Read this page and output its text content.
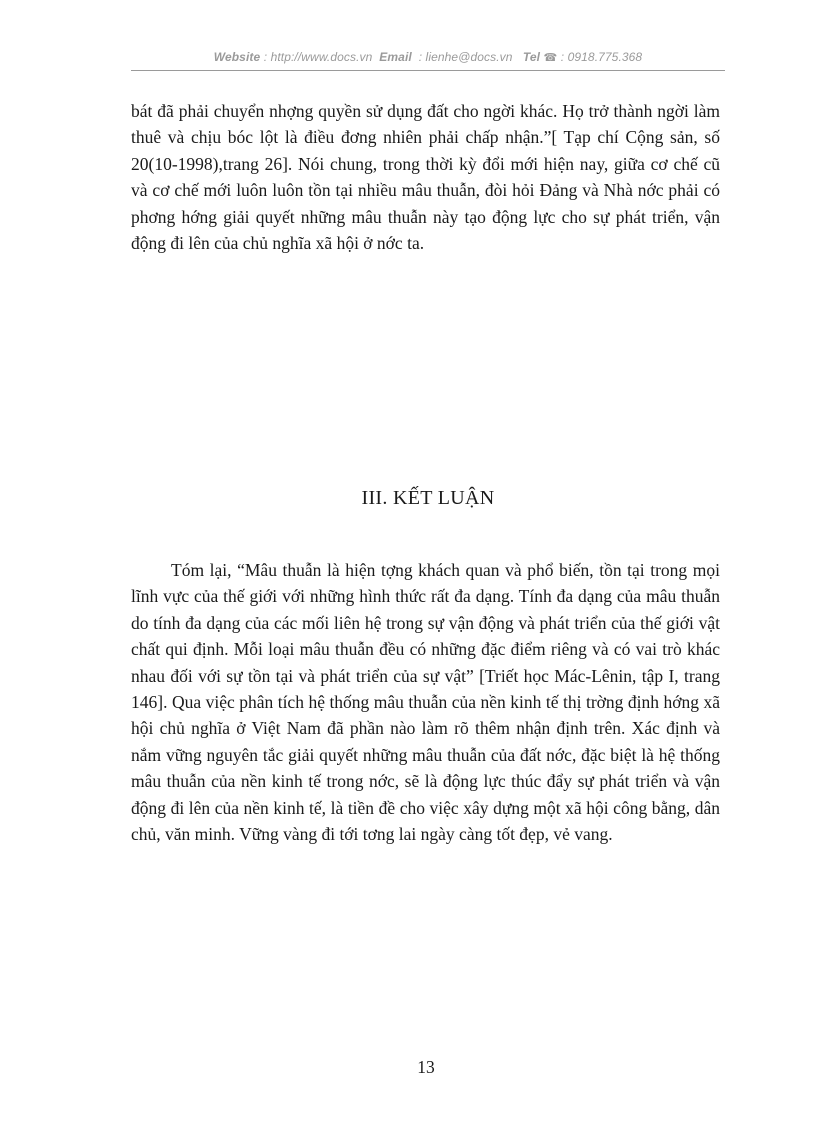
Website : http://www.docs.vn Email : lienhe@docs.vn Tel ☎ : 0918.775.368

bát đã phải chuyển nhợng quyền sử dụng đất cho ngời khác. Họ trở thành ngời làm thuê và chịu bóc lột là điều đơng nhiên phải chấp nhận.”[ Tạp chí Cộng sản, số 20(10-1998),trang 26]. Nói chung, trong thời kỳ đổi mới hiện nay, giữa cơ chế cũ và cơ chế mới luôn luôn tồn tại nhiều mâu thuẫn, đòi hỏi Đảng và Nhà nớc phải có phơng hớng giải quyết những mâu thuẫn này tạo động lực cho sự phát triển, vận động đi lên của chủ nghĩa xã hội ở nớc ta.

III. KẾT LUẬN

Tóm lại, “Mâu thuẫn là hiện tợng khách quan và phổ biến, tồn tại trong mọi lĩnh vực của thế giới với những hình thức rất đa dạng. Tính đa dạng của mâu thuẫn do tính đa dạng của các mối liên hệ trong sự vận động và phát triển của thế giới vật chất qui định. Mỗi loại mâu thuẫn đều có những đặc điểm riêng và có vai trò khác nhau đối với sự tồn tại và phát triển của sự vật” [Triết học Mác-Lênin, tập I, trang 146]. Qua việc phân tích hệ thống mâu thuẫn của nền kinh tế thị trờng định hớng xã hội chủ nghĩa ở Việt Nam đã phần nào làm rõ thêm nhận định trên. Xác định và nắm vững nguyên tắc giải quyết những mâu thuẫn của đất nớc, đặc biệt là hệ thống mâu thuẫn của nền kinh tế trong nớc, sẽ là động lực thúc đẩy sự phát triển và vận động đi lên của nền kinh tế, là tiền đề cho việc xây dựng một xã hội công bằng, dân chủ, văn minh. Vững vàng đi tới tơng lai ngày càng tốt đẹp, vẻ vang.

13
